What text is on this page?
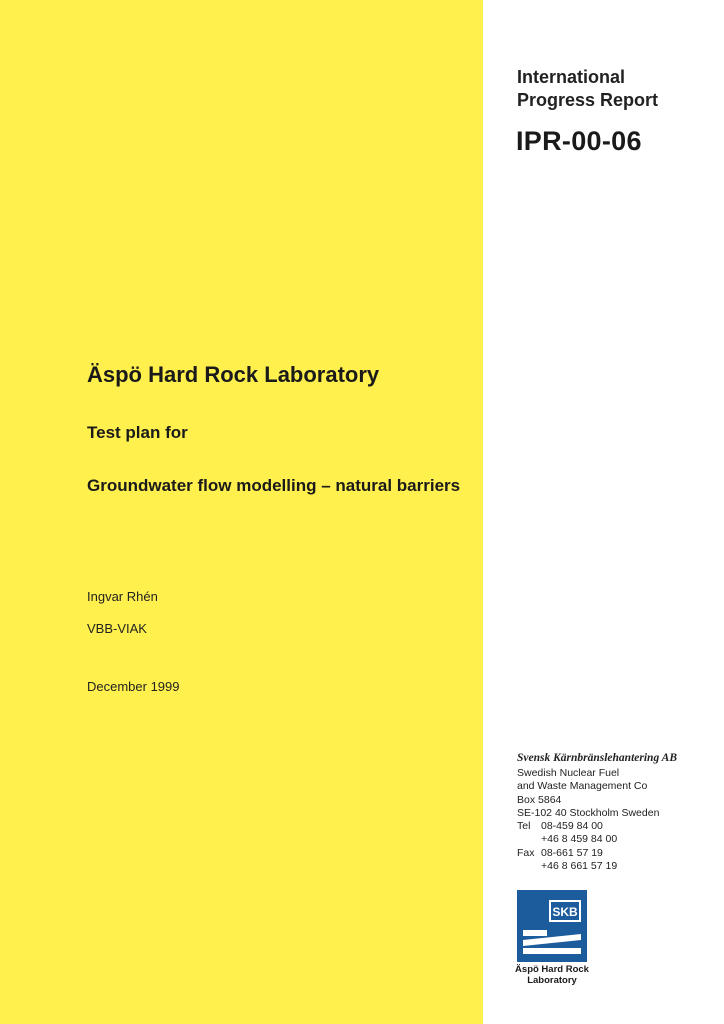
International
Progress Report
IPR-00-06
Äspö Hard Rock Laboratory
Test plan for
Groundwater flow modelling – natural barriers
Ingvar Rhén
VBB-VIAK
December 1999
Svensk Kärnbränslehantering AB
Swedish Nuclear Fuel
and Waste Management Co
Box 5864
SE-102 40 Stockholm Sweden
Tel	08-459 84 00
+46 8 459 84 00
Fax 08-661 57 19
+46 8 661 57 19
SKB
Äspö Hard Rock
Laboratory
